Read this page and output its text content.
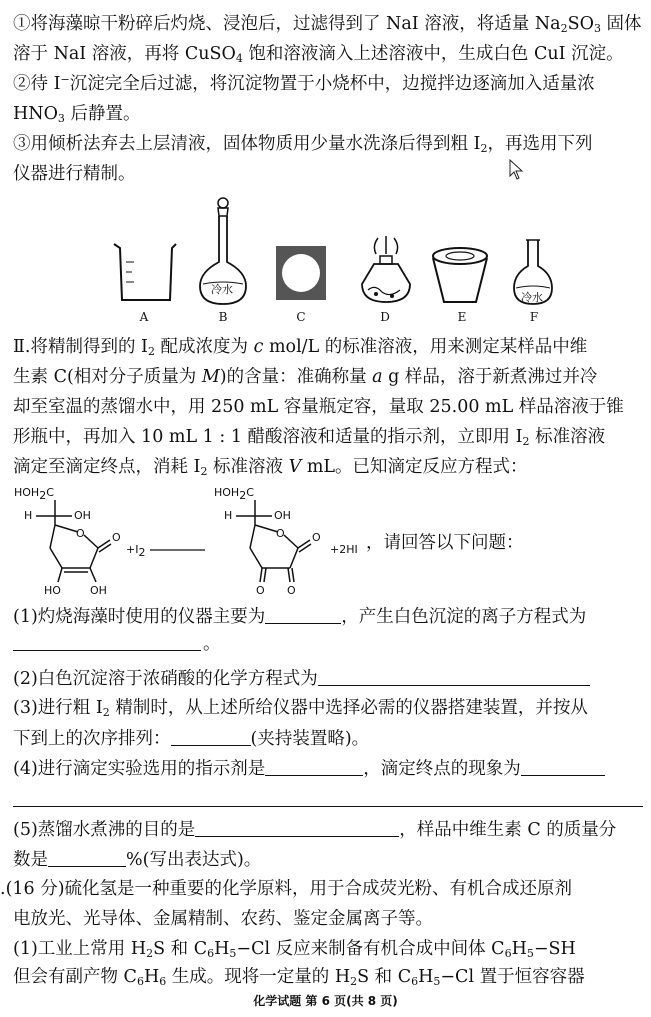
①将海藻晾干粉碎后灼烧、浸泡后，过滤得到了 NaI 溶液，将适量 $Na_2SO_3$ 固体
溶于 NaI 溶液，再将 CuSO$_4$ 饱和溶液滴入上述溶液中，生成白色 CuI 沉淀。
②待 I−沉淀完全后过滤，将沉淀物置于小烧杯中，边搅拌边逐滴加入适量浓
$HNO_3$ 后静置。
③用倾析法弃去上层清液，固体物质用少量水洗涤后得到粗 $I_2$，再选用下列
仪器进行精制。
冷水
冷水
A	B	C	D	E	F
Ⅱ.将精制得到的 $I_2$ 配成浓度为 c mol/L 的标准溶液，用来测定某样品中维
生素 C(相对分子质量为 M)的含量：准确称量 a g 样品，溶于新煮沸过并冷
却至室温的蒸馏水中，用 250 mL 容量瓶定容，量取 25.00 mL 样品溶液于锥
形瓶中，再加入 10 mL 1 : 1 醋酸溶液和适量的指示剂，立即用 $I_2$ 标准溶液
滴定至滴定终点，消耗 $I_2$ 标准溶液 V mL。已知滴定反应方程式：
$HOH_2C$
H	OH
O O
HO	OH
$+I_2$
$HOH_2C$
H	OH
O O
O O
+2HI ，请回答以下问题：
(1)灼烧海藻时使用的仪器主要为	，产生白色沉淀的离子方程式为
。
(2)白色沉淀溶于浓硝酸的化学方程式为
(3)进行粗 $I_2$ 精制时，从上述所给仪器中选择必需的仪器搭建装置，并按从
下到上的次序排列：	(夹持装置略)。
(4)进行滴定实验选用的指示剂是	，滴定终点的现象为
(5)蒸馏水煮沸的目的是	，样品中维生素 C 的质量分
数是	%(写出表达式)。
.(16 分)硫化氢是一种重要的化学原料，用于合成荧光粉、有机合成还原剂
电放光、光导体、金属精制、农药、鉴定金属离子等。
(1)工业上常用 $H_2S$ 和 $C_6H_5-Cl$ 反应来制备有机合成中间体 $C_6H_5-SH$
但会有副产物 $C_6H_6$ 生成。现将一定量的 $H_2S$ 和 $C_6H_5-Cl$ 置于恒容容器
化学试题 第 6 页(共 8 页)
